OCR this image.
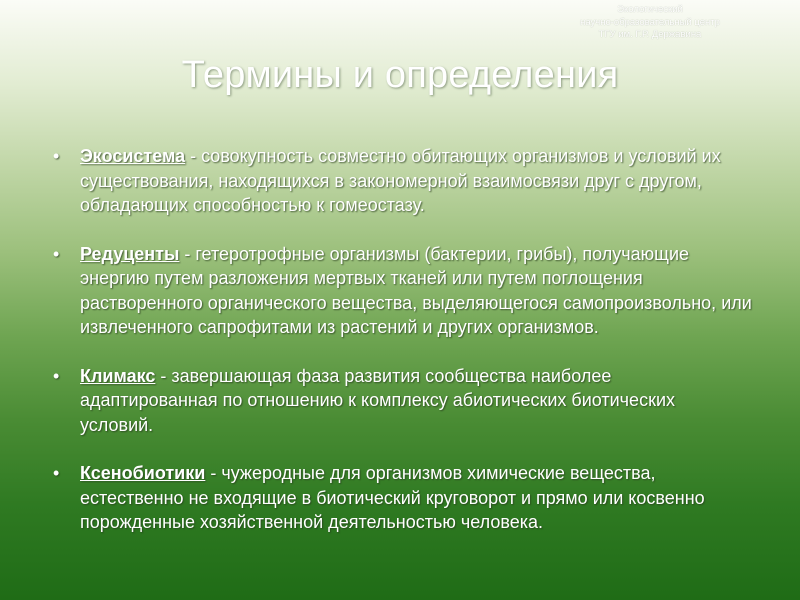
Экологический
научно-образовательный центр
ТГУ им. Г.Р. Державина
Термины и определения
• Экосистема - совокупность совместно обитающих организмов и условий их существования, находящихся в закономерной взаимосвязи друг с другом, обладающих способностью к гомеостазу.
• Редуценты - гетеротрофные организмы (бактерии, грибы), получающие энергию путем разложения мертвых тканей или путем поглощения растворенного органического вещества, выделяющегося самопроизвольно, или извлеченного сапрофитами из растений и других организмов.
• Климакс - завершающая фаза развития сообщества наиболее адаптированная по отношению к комплексу абиотических биотических условий.
• Ксенобиотики - чужеродные для организмов химические вещества, естественно не входящие в биотический круговорот и прямо или косвенно порожденные хозяйственной деятельностью человека.
